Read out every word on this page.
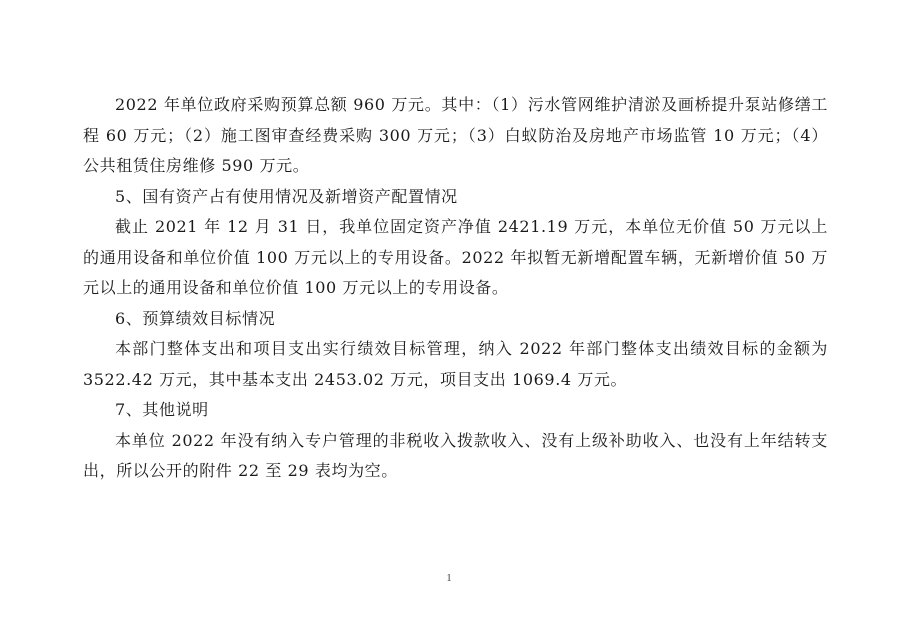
2022 年单位政府采购预算总额 960 万元。其中：（1）污水管网维护清淤及画桥提升泵站修缮工程 60 万元；（2）施工图审查经费采购 300 万元；（3）白蚁防治及房地产市场监管 10 万元；（4）公共租赁住房维修 590 万元。

5、国有资产占有使用情况及新增资产配置情况

截止 2021 年 12 月 31 日，我单位固定资产净值 2421.19 万元，本单位无价值 50 万元以上的通用设备和单位价值 100 万元以上的专用设备。2022 年拟暂无新增配置车辆，无新增价值 50 万元以上的通用设备和单位价值 100 万元以上的专用设备。

6、预算绩效目标情况

本部门整体支出和项目支出实行绩效目标管理，纳入 2022 年部门整体支出绩效目标的金额为3522.42 万元，其中基本支出 2453.02 万元，项目支出 1069.4 万元。

7、其他说明

本单位 2022 年没有纳入专户管理的非税收入拨款收入、没有上级补助收入、也没有上年结转支出，所以公开的附件 22 至 29 表均为空。

1
